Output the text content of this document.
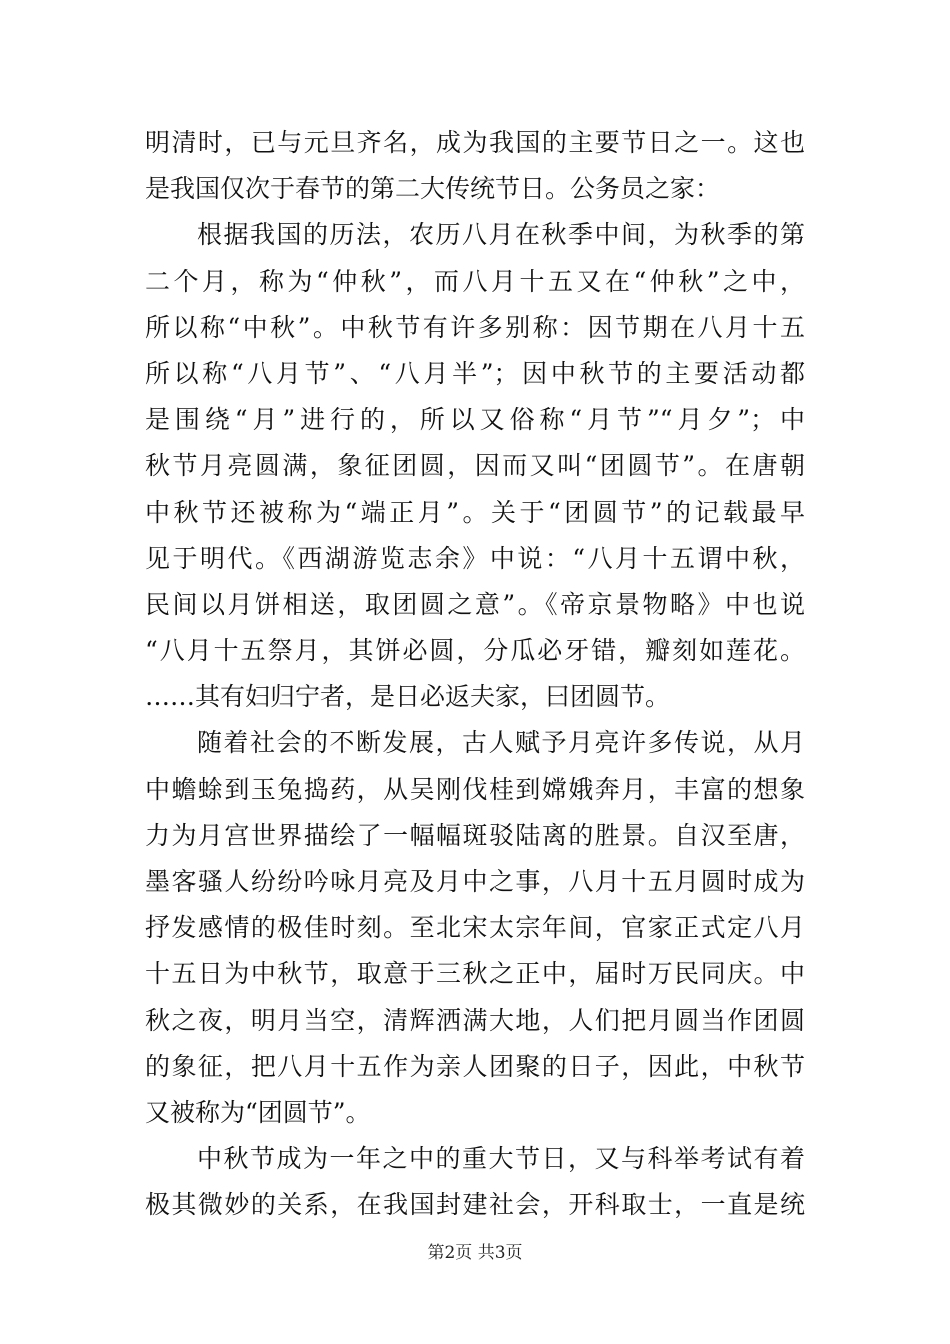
明清时，已与元旦齐名，成为我国的主要节日之一。这也
是我国仅次于春节的第二大传统节日。公务员之家：
根据我国的历法，农历八月在秋季中间，为秋季的第
二个月，称为“仲秋”，而八月十五又在“仲秋”之中，
所以称“中秋”。中秋节有许多别称：因节期在八月十五
所以称“八月节”、“八月半”；因中秋节的主要活动都
是围绕“月”进行的，所以又俗称“月节”“月夕”；中
秋节月亮圆满，象征团圆，因而又叫“团圆节”。在唐朝
中秋节还被称为“端正月”。关于“团圆节”的记载最早
见于明代。《西湖游览志余》中说：“八月十五谓中秋，
民间以月饼相送，取团圆之意”。《帝京景物略》中也说
“八月十五祭月，其饼必圆，分瓜必牙错，瓣刻如莲花。
……其有妇归宁者，是日必返夫家，曰团圆节。
随着社会的不断发展，古人赋予月亮许多传说，从月
中蟾蜍到玉兔捣药，从吴刚伐桂到嫦娥奔月，丰富的想象
力为月宫世界描绘了一幅幅斑驳陆离的胜景。自汉至唐，
墨客骚人纷纷吟咏月亮及月中之事，八月十五月圆时成为
抒发感情的极佳时刻。至北宋太宗年间，官家正式定八月
十五日为中秋节，取意于三秋之正中，届时万民同庆。中
秋之夜，明月当空，清辉洒满大地，人们把月圆当作团圆
的象征，把八月十五作为亲人团聚的日子，因此，中秋节
又被称为“团圆节”。
中秋节成为一年之中的重大节日，又与科举考试有着
极其微妙的关系，在我国封建社会，开科取士，一直是统
第2页 共3页
